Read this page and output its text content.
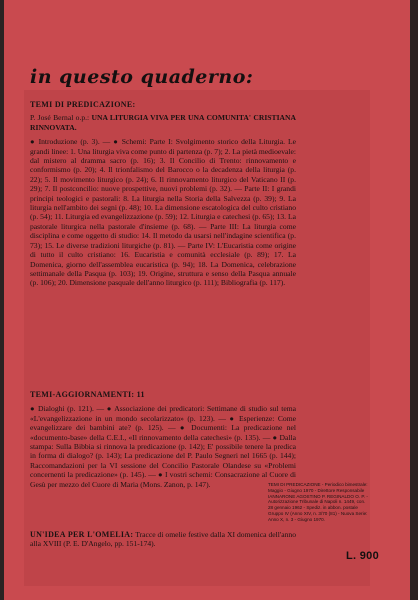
in questo quaderno:

TEMI DI PREDICAZIONE:

P. José Bernal o.p.: UNA LITURGIA VIVA PER UNA COMUNITA' CRISTIANA RINNOVATA.

● Introduzione (p. 3). — ● Schemi: Parte I: Svolgimento storico della Liturgia. Le grandi linee: 1. Una liturgia viva come punto di partenza (p. 7); 2. La pietà medioevale: dal mistero al dramma sacro (p. 16); 3. Il Concilio di Trento: rinnovamento e conformismo (p. 20); 4. Il trionfalismo del Barocco o la decadenza della liturgia (p. 22); 5. Il movimento liturgico (p. 24); 6. Il rinnovamento liturgico del Vaticano II (p. 29); 7. Il postconcilio: nuove prospettive, nuovi problemi (p. 32). — Parte II: I grandi principi teologici e pastorali: 8. La liturgia nella Storia della Salvezza (p. 39); 9. La liturgia nell'ambito dei segni (p. 48); 10. La dimensione escatologica del culto cristiano (p. 54); 11. Liturgia ed evangelizzazione (p. 59); 12. Liturgia e catechesi (p. 65); 13. La pastorale liturgica nella pastorale d'insieme (p. 68). — Parte III: La liturgia come disciplina e come oggetto di studio: 14. Il metodo da usarsi nell'indagine scientifica (p. 73); 15. Le diverse tradizioni liturgiche (p. 81). — Parte IV: L'Eucaristia come origine di tutto il culto cristiano: 16. Eucaristia e comunità ecclesiale (p. 89); 17. La Domenica, giorno dell'assemblea eucaristica (p. 94); 18. La Domenica, celebrazione settimanale della Pasqua (p. 103); 19. Origine, struttura e senso della Pasqua annuale (p. 106); 20. Dimensione pasquale dell'anno liturgico (p. 111); Bibliografia (p. 117).

TEMI-AGGIORNAMENTI: 11

● Dialoghi (p. 121). — ● Associazione dei predicatori: Settimane di studio sul tema «L'evangelizzazione in un mondo secolarizzato» (p. 123). — ● Esperienze: Come evangelizzare dei bambini ate? (p. 125). — ● Documenti: La predicazione nel «documento-base» della C.E.I., «Il rinnovamento della catechesi» (p. 135). — ● Dalla stampa: Sulla Bibbia si rinnova la predicazione (p. 142); E' possibile tenere la predica in forma di dialogo? (p. 143); La predicazione del P. Paulo Segneri nel 1665 (p. 144); Raccomandazioni per la VI sessione del Concilio Pastorale Olandese su «Problemi concernenti la predicazione» (p. 145). — ● I vostri schemi: Consacrazione al Cuore di Gesù per mezzo del Cuore di Maria (Mons. Zanon, p. 147).

UN'IDEA PER L'OMELIA: Tracce di omelie festive dalla XI domenica dell'anno alla XVIII (P. E. D'Angelo, pp. 151-174).

TEMI DI PREDICAZIONE - Periodico bimestrale: Maggio - Giugno 1970 - Direttore Responsabile IANNARONE AGOSTINO P. REGINALDO O. P. - Autorizzazione Tribunale di Napoli n. 1449, con. 28 gennaio 1962 - Spediz. in abbon. postale Gruppo IV (Anno XIV, n. 3/70 (81) - Nuova Serie: Anno X, n. 3 - Giugno 1970.
L. 900
